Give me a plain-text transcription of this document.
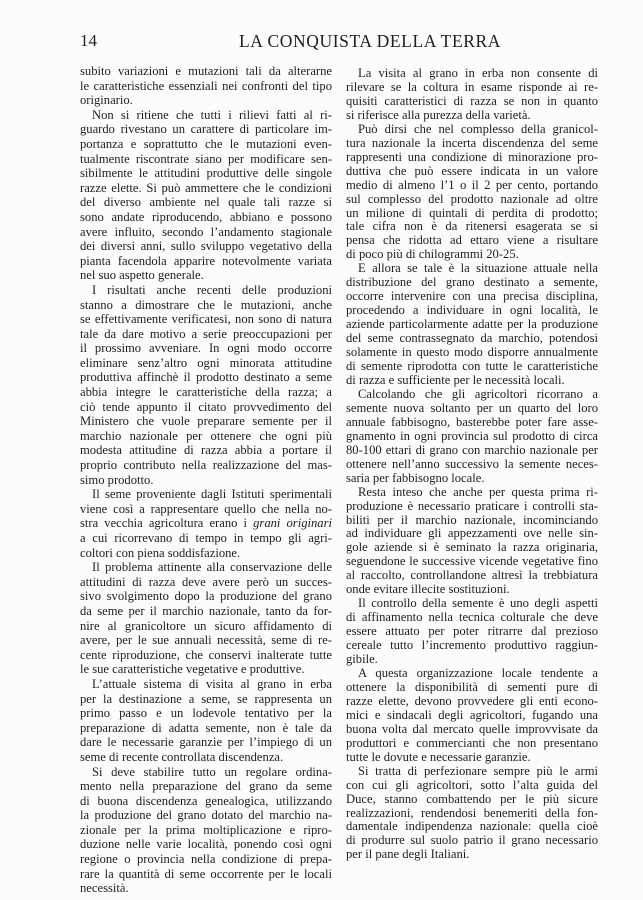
14	LA CONQUISTA DELLA TERRA
subito variazioni e mutazioni tali da alterarne
le caratteristiche essenziali nei confronti del tipo
originario.
Non si ritiene che tutti i rilievi fatti al ri-
guardo rivestano un carattere di particolare im-
portanza e soprattutto che le mutazioni even-
tualmente riscontrate siano per modificare sen-
sibilmente le attitudini produttive delle singole
razze elette. Si può ammettere che le condizioni
del diverso ambiente nel quale tali razze si
sono andate riproducendo, abbiano e possono
avere influito, secondo l’andamento stagionale
dei diversi anni, sullo sviluppo vegetativo della
pianta facendola apparire notevolmente variata
nel suo aspetto generale.
I risultati anche recenti delle produzioni
stanno a dimostrare che le mutazioni, anche
se effettivamente verificatesi, non sono di natura
tale da dare motivo a serie preoccupazioni per
il prossimo avveniare. In ogni modo occorre
eliminare senz’altro ogni minorata attitudine
produttiva affinchè il prodotto destinato a seme
abbia integre le caratteristiche della razza; a
ciò tende appunto il citato provvedimento del
Ministero che vuole preparare semente per il
marchio nazionale per ottenere che ogni più
modesta attitudine di razza abbia a portare il
proprio contributo nella realizzazione del mas-
simo prodotto.
Il seme proveniente dagli Istituti sperimentali
viene così a rappresentare quello che nella no-
stra vecchia agricoltura erano i grani originari
a cui ricorrevano di tempo in tempo gli agri-
coltori con piena soddisfazione.
Il problema attinente alla conservazione delle
attitudini di razza deve avere però un succes-
sivo svolgimento dopo la produzione del grano
da seme per il marchio nazionale, tanto da for-
nire al granicoltore un sicuro affidamento di
avere, per le sue annuali necessità, seme di re-
cente riproduzione, che conservi inalterate tutte
le sue caratteristiche vegetative e produttive.
L’attuale sistema di visita al grano in erba
per la destinazione a seme, se rappresenta un
primo passo e un lodevole tentativo per la
preparazione di adatta semente, non è tale da
dare le necessarie garanzie per l’impiego di un
seme di recente controllata discendenza.
Si deve stabilire tutto un regolare ordina-
mento nella preparazione del grano da seme
di buona discendenza genealogica, utilizzando
la produzione del grano dotato del marchio na-
zionale per la prima moltiplicazione e ripro-
duzione nelle varie località, ponendo così ogni
regione o provincia nella condizione di prepa-
rare la quantità di seme occorrente per le locali
necessità.
La visita al grano in erba non consente di
rilevare se la coltura in esame risponde ai re-
quisiti caratteristici di razza se non in quanto
si riferisce alla purezza della varietà.
Può dirsi che nel complesso della granicol-
tura nazionale la incerta discendenza del seme
rappresenti una condizione di minorazione pro-
duttiva che può essere indicata in un valore
medio di almeno l’1 o il 2 per cento, portando
sul complesso del prodotto nazionale ad oltre
un milione di quintali di perdita di prodotto;
tale cifra non è da ritenersi esagerata se si
pensa che ridotta ad ettaro viene a risultare
di poco più di chilogrammi 20-25.
E allora se tale è la situazione attuale nella
distribuzione del grano destinato a semente,
occorre intervenire con una precisa disciplina,
procedendo a individuare in ogni località, le
aziende particolarmente adatte per la produzione
del seme contrassegnato da marchio, potendosi
solamente in questo modo disporre annualmente
di semente riprodotta con tutte le caratteristiche
di razza e sufficiente per le necessità locali.
Calcolando che gli agricoltori ricorrano a
semente nuova soltanto per un quarto del loro
annuale fabbisogno, basterebbe poter fare asse-
gnamento in ogni provincia sul prodotto di circa
80-100 ettari di grano con marchio nazionale per
ottenere nell’anno successivo la semente neces-
saria per fabbisogno locale.
Resta inteso che anche per questa prima ri-
produzione è necessario praticare i controlli sta-
biliti per il marchio nazionale, incominciando
ad individuare gli appezzamenti ove nelle sin-
gole aziende si è seminato la razza originaria,
seguendone le successive vicende vegetative fino
al raccolto, controllandone altresì la trebbiatura
onde evitare illecite sostituzioni.
Il controllo della semente è uno degli aspetti
di affinamento nella tecnica colturale che deve
essere attuato per poter ritrarre dal prezioso
cereale tutto l’incremento produttivo raggiun-
gibile.
A questa organizzazione locale tendente a
ottenere la disponibilità di sementi pure di
razze elette, devono provvedere gli enti econo-
mici e sindacali degli agricoltori, fugando una
buona volta dal mercato quelle improvvisate da
produttori e commercianti che non presentano
tutte le dovute e necessarie garanzie.
Si tratta di perfezionare sempre più le armi
con cui gli agricoltori, sotto l’alta guida del
Duce, stanno combattendo per le più sicure
realizzazioni, rendendosi benemeriti della fon-
damentale indipendenza nazionale: quella cioè
di produrre sul suolo patrio il grano necessario
per il pane degli Italiani.
